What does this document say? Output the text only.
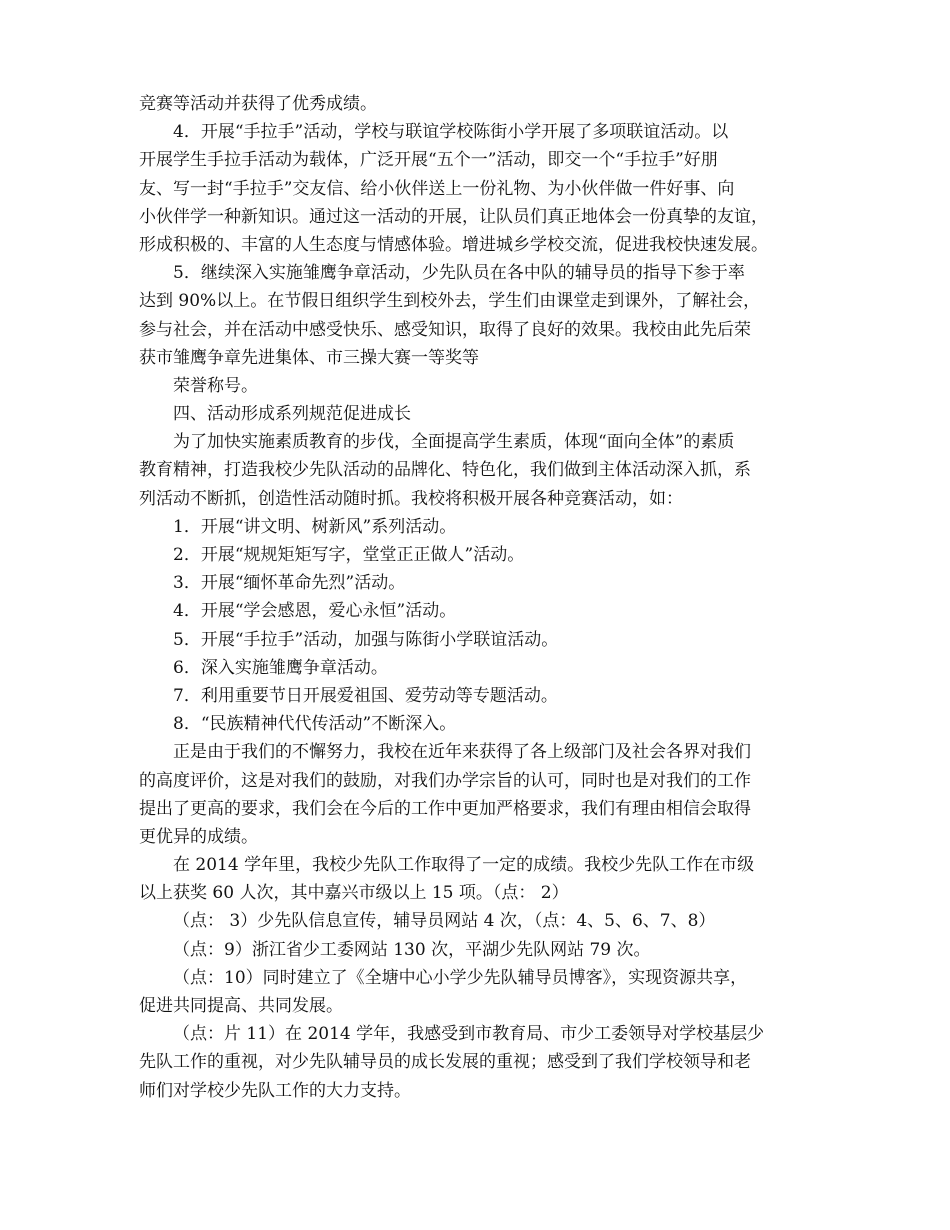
竞赛等活动并获得了优秀成绩。
4．开展“手拉手”活动，学校与联谊学校陈街小学开展了多项联谊活动。以
开展学生手拉手活动为载体，广泛开展“五个一”活动，即交一个“手拉手”好朋
友、写一封“手拉手”交友信、给小伙伴送上一份礼物、为小伙伴做一件好事、向
小伙伴学一种新知识。通过这一活动的开展，让队员们真正地体会一份真挚的友谊，
形成积极的、丰富的人生态度与情感体验。增进城乡学校交流，促进我校快速发展。
5．继续深入实施雏鹰争章活动，少先队员在各中队的辅导员的指导下参于率
达到 90%以上。在节假日组织学生到校外去，学生们由课堂走到课外，了解社会，
参与社会，并在活动中感受快乐、感受知识，取得了良好的效果。我校由此先后荣
获市雏鹰争章先进集体、市三操大赛一等奖等
荣誉称号。
四、活动形成系列规范促进成长
为了加快实施素质教育的步伐，全面提高学生素质，体现“面向全体”的素质
教育精神，打造我校少先队活动的品牌化、特色化，我们做到主体活动深入抓，系
列活动不断抓，创造性活动随时抓。我校将积极开展各种竞赛活动，如：
1．开展“讲文明、树新风”系列活动。
2．开展“规规矩矩写字，堂堂正正做人”活动。
3．开展“缅怀革命先烈”活动。
4．开展“学会感恩，爱心永恒”活动。
5．开展“手拉手”活动，加强与陈街小学联谊活动。
6．深入实施雏鹰争章活动。
7．利用重要节日开展爱祖国、爱劳动等专题活动。
8．“民族精神代代传活动”不断深入。
正是由于我们的不懈努力，我校在近年来获得了各上级部门及社会各界对我们
的高度评价，这是对我们的鼓励，对我们办学宗旨的认可，同时也是对我们的工作
提出了更高的要求，我们会在今后的工作中更加严格要求，我们有理由相信会取得
更优异的成绩。
在 2014 学年里，我校少先队工作取得了一定的成绩。我校少先队工作在市级
以上获奖 60 人次，其中嘉兴市级以上 15 项。（点： 2）
（点： 3）少先队信息宣传，辅导员网站 4 次，（点：4、5、6、7、8）
（点：9）浙江省少工委网站 130 次，平湖少先队网站 79 次。
（点：10）同时建立了《全塘中心小学少先队辅导员博客》，实现资源共享，
促进共同提高、共同发展。
（点：片 11）在 2014 学年，我感受到市教育局、市少工委领导对学校基层少
先队工作的重视，对少先队辅导员的成长发展的重视；感受到了我们学校领导和老
师们对学校少先队工作的大力支持。
